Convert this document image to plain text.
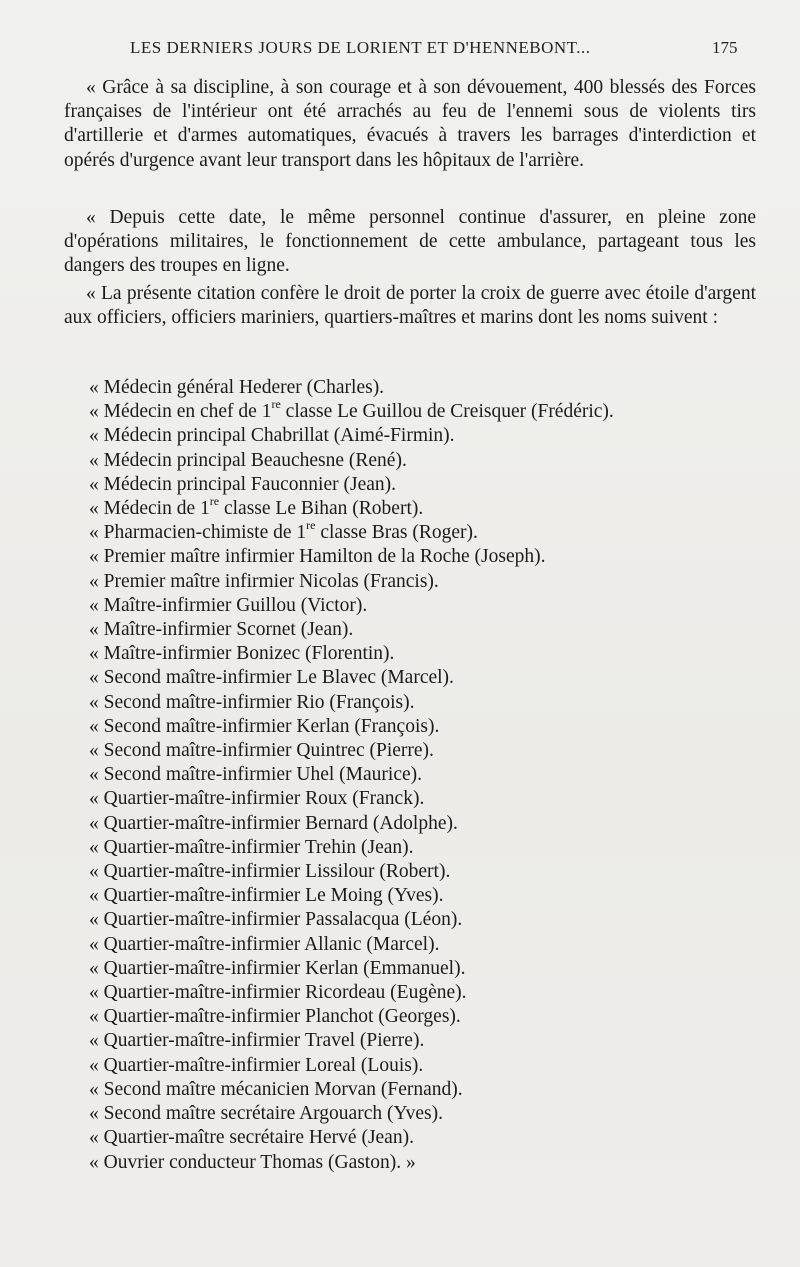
LES DERNIERS JOURS DE LORIENT ET D'HENNEBONT...	175

« Grâce à sa discipline, à son courage et à son dévouement, 400 blessés des Forces françaises de l'intérieur ont été arrachés au feu de l'ennemi sous de violents tirs d'artillerie et d'armes automatiques, évacués à travers les barrages d'interdiction et opérés d'urgence avant leur transport dans les hôpitaux de l'arrière.

« Depuis cette date, le même personnel continue d'assurer, en pleine zone d'opérations militaires, le fonctionnement de cette ambulance, partageant tous les dangers des troupes en ligne.

« La présente citation confère le droit de porter la croix de guerre avec étoile d'argent aux officiers, officiers mariniers, quartiers-maîtres et marins dont les noms suivent :

« Médecin général Hederer (Charles).
« Médecin en chef de 1re classe Le Guillou de Creisquer (Frédéric).
« Médecin principal Chabrillat (Aimé-Firmin).
« Médecin principal Beauchesne (René).
« Médecin principal Fauconnier (Jean).
« Médecin de 1re classe Le Bihan (Robert).
« Pharmacien-chimiste de 1re classe Bras (Roger).
« Premier maître infirmier Hamilton de la Roche (Joseph).
« Premier maître infirmier Nicolas (Francis).
« Maître-infirmier Guillou (Victor).
« Maître-infirmier Scornet (Jean).
« Maître-infirmier Bonizec (Florentin).
« Second maître-infirmier Le Blavec (Marcel).
« Second maître-infirmier Rio (François).
« Second maître-infirmier Kerlan (François).
« Second maître-infirmier Quintrec (Pierre).
« Second maître-infirmier Uhel (Maurice).
« Quartier-maître-infirmier Roux (Franck).
« Quartier-maître-infirmier Bernard (Adolphe).
« Quartier-maître-infirmier Trehin (Jean).
« Quartier-maître-infirmier Lissilour (Robert).
« Quartier-maître-infirmier Le Moing (Yves).
« Quartier-maître-infirmier Passalacqua (Léon).
« Quartier-maître-infirmier Allanic (Marcel).
« Quartier-maître-infirmier Kerlan (Emmanuel).
« Quartier-maître-infirmier Ricordeau (Eugène).
« Quartier-maître-infirmier Planchot (Georges).
« Quartier-maître-infirmier Travel (Pierre).
« Quartier-maître-infirmier Loreal (Louis).
« Second maître mécanicien Morvan (Fernand).
« Second maître secrétaire Argouarch (Yves).
« Quartier-maître secrétaire Hervé (Jean).
« Ouvrier conducteur Thomas (Gaston). »
